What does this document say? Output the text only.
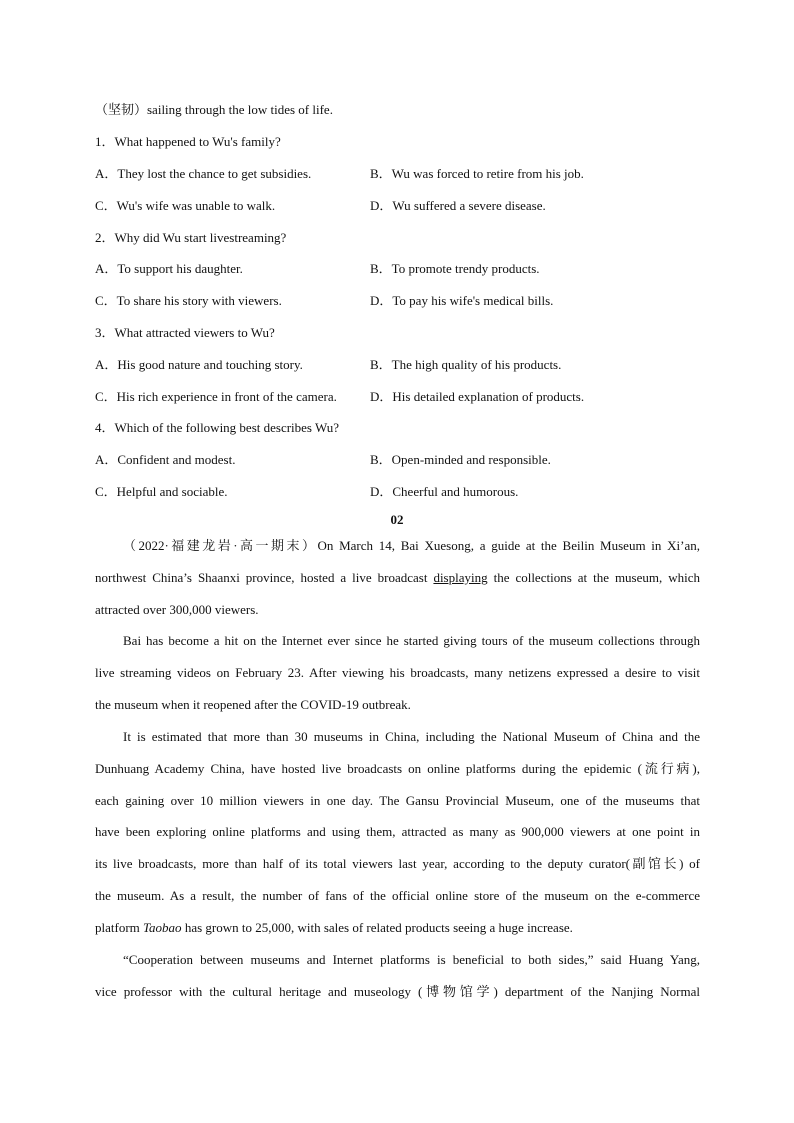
（坚韧）sailing through the low tides of life.
1．What happened to Wu's family?
A．They lost the chance to get subsidies.	B．Wu was forced to retire from his job.
C．Wu's wife was unable to walk.	D．Wu suffered a severe disease.
2．Why did Wu start livestreaming?
A．To support his daughter.	B．To promote trendy products.
C．To share his story with viewers.	D．To pay his wife's medical bills.
3．What attracted viewers to Wu?
A．His good nature and touching story.	B．The high quality of his products.
C．His rich experience in front of the camera.	D．His detailed explanation of products.
4．Which of the following best describes Wu?
A．Confident and modest.	B．Open-minded and responsible.
C．Helpful and sociable.	D．Cheerful and humorous.
02
（2022·福建龙岩·高一期末）On March 14, Bai Xuesong, a guide at the Beilin Museum in Xi’an,
northwest China’s Shaanxi province, hosted a live broadcast displaying the collections at the museum, which
attracted over 300,000 viewers.
Bai has become a hit on the Internet ever since he started giving tours of the museum collections through
live streaming videos on February 23. After viewing his broadcasts, many netizens expressed a desire to visit
the museum when it reopened after the COVID-19 outbreak.
It is estimated that more than 30 museums in China, including the National Museum of China and the
Dunhuang Academy China, have hosted live broadcasts on online platforms during the epidemic (流行病),
each gaining over 10 million viewers in one day. The Gansu Provincial Museum, one of the museums that
have been exploring online platforms and using them, attracted as many as 900,000 viewers at one point in
its live broadcasts, more than half of its total viewers last year, according to the deputy curator(副馆长) of
the museum. As a result, the number of fans of the official online store of the museum on the e-commerce
platform Taobao has grown to 25,000, with sales of related products seeing a huge increase.
“Cooperation between museums and Internet platforms is beneficial to both sides,” said Huang Yang,
vice professor with the cultural heritage and museology (博物馆学) department of the Nanjing Normal
